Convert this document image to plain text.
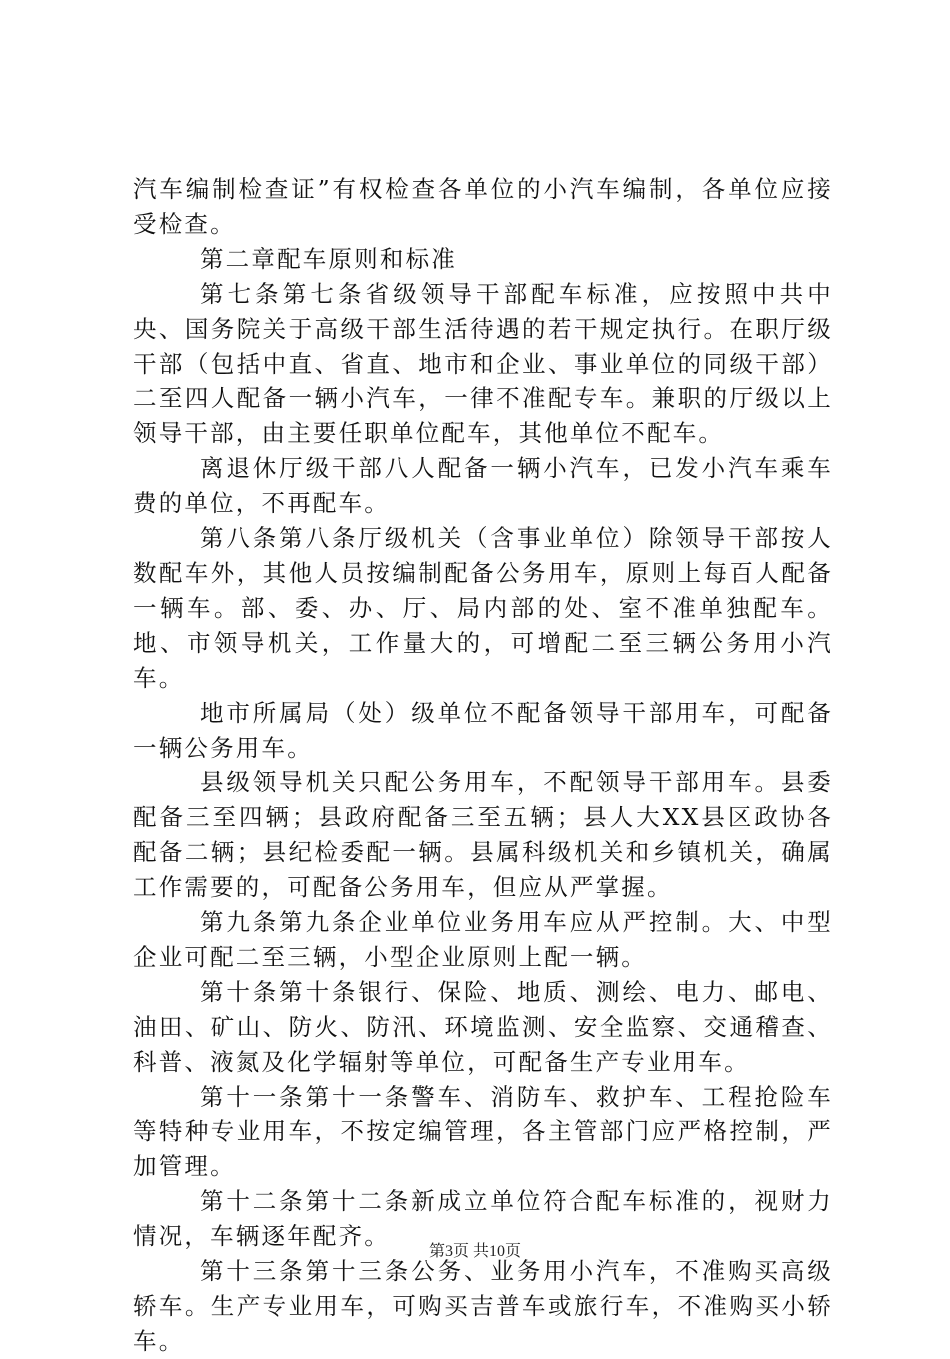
汽车编制检查证”有权检查各单位的小汽车编制，各单位应接受检查。

第二章配车原则和标准

第七条第七条省级领导干部配车标准，应按照中共中央、国务院关于高级干部生活待遇的若干规定执行。在职厅级干部（包括中直、省直、地市和企业、事业单位的同级干部）二至四人配备一辆小汽车，一律不准配专车。兼职的厅级以上领导干部，由主要任职单位配车，其他单位不配车。

离退休厅级干部八人配备一辆小汽车，已发小汽车乘车费的单位，不再配车。

第八条第八条厅级机关（含事业单位）除领导干部按人数配车外，其他人员按编制配备公务用车，原则上每百人配备一辆车。部、委、办、厅、局内部的处、室不准单独配车。地、市领导机关，工作量大的，可增配二至三辆公务用小汽车。

地市所属局（处）级单位不配备领导干部用车，可配备一辆公务用车。

县级领导机关只配公务用车，不配领导干部用车。县委配备三至四辆；县政府配备三至五辆；县人大XX县区政协各配备二辆；县纪检委配一辆。县属科级机关和乡镇机关，确属工作需要的，可配备公务用车，但应从严掌握。

第九条第九条企业单位业务用车应从严控制。大、中型企业可配二至三辆，小型企业原则上配一辆。

第十条第十条银行、保险、地质、测绘、电力、邮电、油田、矿山、防火、防汛、环境监测、安全监察、交通稽查、科普、液氮及化学辐射等单位，可配备生产专业用车。

第十一条第十一条警车、消防车、救护车、工程抢险车等特种专业用车，不按定编管理，各主管部门应严格控制，严加管理。

第十二条第十二条新成立单位符合配车标准的，视财力情况，车辆逐年配齐。

第十三条第十三条公务、业务用小汽车，不准购买高级轿车。生产专业用车，可购买吉普车或旅行车，不准购买小轿车。

第3页 共10页
